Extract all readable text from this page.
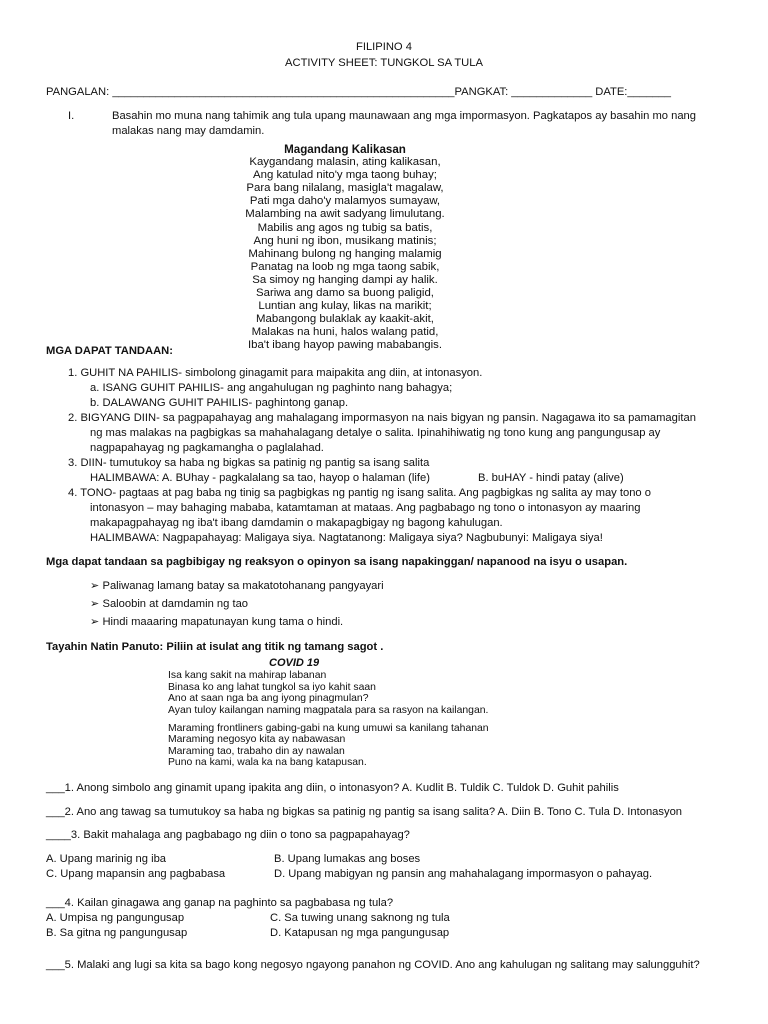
FILIPINO 4
ACTIVITY SHEET: TUNGKOL SA TULA
PANGALAN: _______________________________________________________PANGKAT: _____________ DATE:_______
I.	Basahin mo muna nang tahimik ang tula upang maunawaan ang mga impormasyon. Pagkatapos ay basahin mo nang
malakas nang may damdamin.
Magandang Kalikasan
Kaygandang malasin, ating kalikasan,
Ang katulad nito'y mga taong buhay;
Para bang nilalang, masigla't magalaw,
Pati mga daho'y malamyos sumayaw,
Malambing na awit sadyang limulutang.
Mabilis ang agos ng tubig sa batis,
Ang huni ng ibon, musikang matinis;
Mahinang bulong ng hanging malamig
Panatag na loob ng mga taong sabik,
Sa simoy ng hanging dampi ay halik.
Sariwa ang damo sa buong paligid,
Luntian ang kulay, likas na marikit;
Mabangong bulaklak ay kaakit-akit,
Malakas na huni, halos walang patid,
Iba't ibang hayop pawing mababangis.
MGA DAPAT TANDAAN:
1. GUHIT NA PAHILIS- simbolong ginagamit para maipakita ang diin, at intonasyon.
a. ISANG GUHIT PAHILIS- ang angahulugan ng paghinto nang bahagya;
b. DALAWANG GUHIT PAHILIS- paghintong ganap.
2. BIGYANG DIIN- sa pagpapahayag ang mahalagang impormasyon na nais bigyan ng pansin. Nagagawa ito sa pamamagitan
ng mas malakas na pagbigkas sa mahahalagang detalye o salita. Ipinahihiwatig ng tono kung ang pangungusap ay
nagpapahayag ng pagkamangha o paglalahad.
3. DIIN- tumutukoy sa haba ng bigkas sa patinig ng pantig sa isang salita
HALIMBAWA: A. BUhay - pagkalalang sa tao, hayop o halaman (life)	B. buHAY - hindi patay (alive)
4. TONO- pagtaas at pag baba ng tinig sa pagbigkas ng pantig ng isang salita. Ang pagbigkas ng salita ay may tono o
intonasyon – may bahaging mababa, katamtaman at mataas. Ang pagbabago ng tono o intonasyon ay maaring
makapagpahayag ng iba't ibang damdamin o makapagbigay ng bagong kahulugan.
HALIMBAWA: Nagpapahayag: Maligaya siya. Nagtatanong: Maligaya siya? Nagbubunyi: Maligaya siya!
Mga dapat tandaan sa pagbibigay ng reaksyon o opinyon sa isang napakinggan/ napanood na isyu o usapan.
➢ Paliwanag lamang batay sa makatotohanang pangyayari
➢ Saloobin at damdamin ng tao
➢ Hindi maaaring mapatunayan kung tama o hindi.
Tayahin Natin Panuto: Piliin at isulat ang titik ng tamang sagot .
COVID 19
Isa kang sakit na mahirap labanan
Binasa ko ang lahat tungkol sa iyo kahit saan
Ano at saan nga ba ang iyong pinagmulan?
Ayan tuloy kailangan naming magpatala para sa rasyon na kailangan.
Maraming frontliners gabing-gabi na kung umuwi sa kanilang tahanan
Maraming negosyo kita ay nabawasan
Maraming tao, trabaho din ay nawalan
Puno na kami, wala ka na bang katapusan.
___1. Anong simbolo ang ginamit upang ipakita ang diin, o intonasyon? A. Kudlit B. Tuldik C. Tuldok D. Guhit pahilis
___2. Ano ang tawag sa tumutukoy sa haba ng bigkas sa patinig ng pantig sa isang salita? A. Diin B. Tono C. Tula D. Intonasyon
____3. Bakit mahalaga ang pagbabago ng diin o tono sa pagpapahayag?
A. Upang marinig ng iba	B. Upang lumakas ang boses
C. Upang mapansin ang pagbabasa	D. Upang mabigyan ng pansin ang mahahalagang impormasyon o pahayag.
___4. Kailan ginagawa ang ganap na paghinto sa pagbabasa ng tula?
A. Umpisa ng pangungusap	C. Sa tuwing unang saknong ng tula
B. Sa gitna ng pangungusap	D. Katapusan ng mga pangungusap
___5. Malaki ang lugi sa kita sa bago kong negosyo ngayong panahon ng COVID. Ano ang kahulugan ng salitang may salungguhit?
